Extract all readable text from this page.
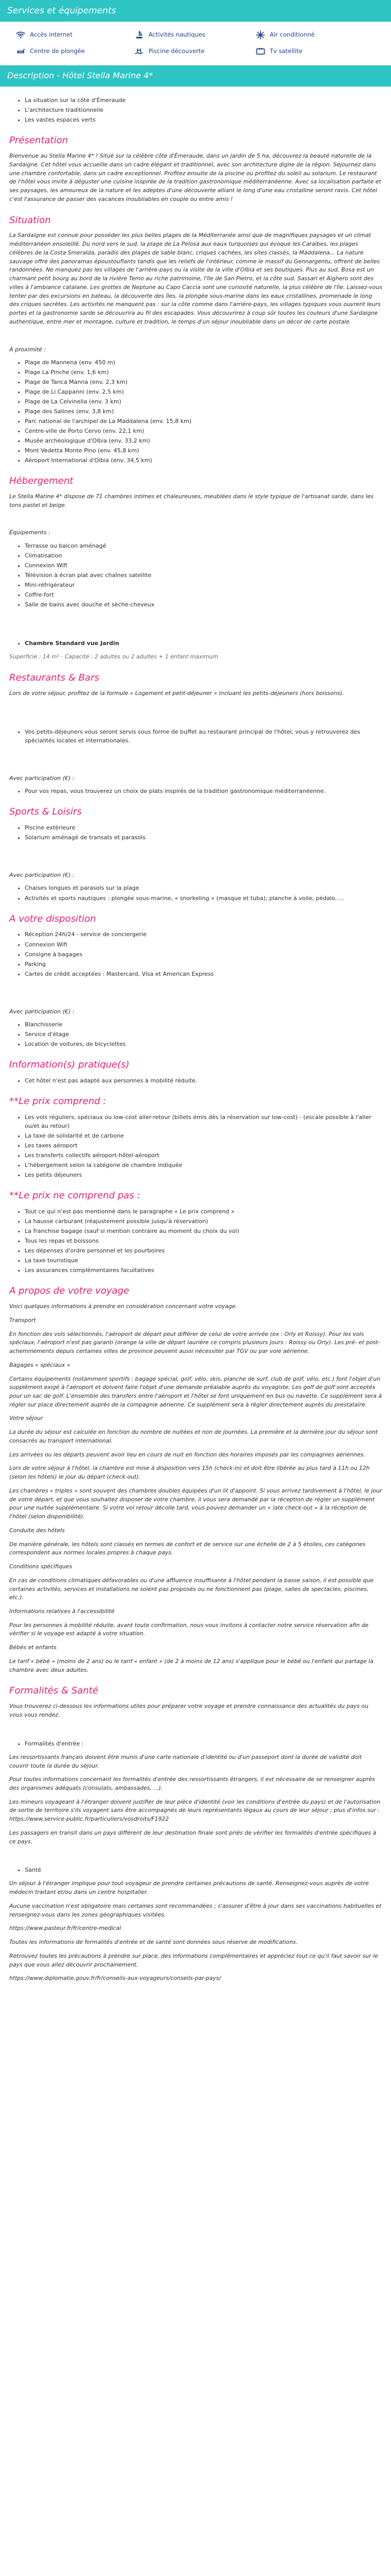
Services et équipements
Accès internet	Activités nautiques	Air conditionné
Centre de plongée	Piscine découverte	Tv satellite
Description - Hôtel Stella Marine 4*
• La situation sur la côte d'Émeraude
• L'architecture traditionnelle
• Les vastes espaces verts
Présentation

Bienvenue au Stella Marine 4* ! Situé sur la célèbre côte d'Émeraude, dans un jardin de 5 ha, découvrez la beauté naturelle de la Sardaigne. Cet hôtel vous accueille dans un cadre élégant et traditionnel, avec son architecture digne de la région. Séjournez dans une chambre confortable, dans un cadre exceptionnel. Profitez ensuite de la piscine ou profitez du soleil au solarium. Le restaurant de l'hôtel vous invite à déguster une cuisine inspirée de la tradition gastronomique méditerranéenne. Avec sa localisation parfaite et ses paysages, les amoureux de la nature et les adeptes d'une découverte alliant le long d'une eau cristalline seront ravis. Cet hôtel c'est l'assurance de passer des vacances inoubliables en couple ou entre amis !

Situation

La Sardaigne est connue pour posséder les plus belles plages de la Méditerranée ainsi que de magnifiques paysages et un climat méditerranéen ensoleillé. Du nord vers le sud, la plage de La Pelosa aux eaux turquoises qui évoque les Caraïbes, les plages célèbres de la Costa Smeralda, paradis des plages de sable blanc, criques cachées, les sites classés, la Maddalena... La nature sauvage offre des panoramas époustouflants tandis que les reliefs de l'intérieur, comme le massif du Gennargentu, offrent de belles randonnées. Ne manquez pas les villages de l'arrière-pays ou la visite de la ville d'Olbia et ses boutiques. Plus au sud, Bosa est un charmant petit bourg au bord de la rivière Temo au riche patrimoine, l'île de San Pietro, et la côte sud. Sassari et Alghero sont des villes à l'ambiance catalane. Les grottes de Neptune au Capo Caccia sont une curiosité naturelle, la plus célèbre de l'île. Laissez-vous tenter par des excursions en bateau, la découverte des îles, la plongée sous-marine dans les eaux cristallines, promenade le long des criques secrètes. Les activités ne manquent pas : sur la côte comme dans l'arrière-pays, les villages typiques vous ouvrent leurs portes et la gastronomie sarde se découvrira au fil des escapades. Vous découvrirez à coup sûr toutes les couleurs d'une Sardaigne authentique, entre mer et montagne, culture et tradition, le temps d'un séjour inoubliable dans un décor de carte postale.

À proximité :
• Plage de Mannena (env. 450 m)
• Plage La Pinche (env. 1,6 km)
• Plage de Tanca Manna (env. 2,3 km)
• Plage de Li Cappanni (env. 2,5 km)
• Plage de La Celvinella (env. 3 km)
• Plage des Salines (env. 3,8 km)
• Parc national de l'archipel de La Maddalena (env. 15,8 km)
• Centre-ville de Porto Cervo (env. 22,1 km)
• Musée archéologique d'Olbia (env. 33,2 km)
• Mont Vedetta Monte Pino (env. 45,8 km)
• Aéroport International d'Olbia (env. 34,5 km)
Hébergement

Le Stella Marine 4* dispose de 71 chambres intimes et chaleureuses, meublées dans le style typique de l'artisanat sarde, dans les tons pastel et beige.

Équipements :
• Terrasse ou balcon aménagé
• Climatisation
• Connexion Wifi
• Télévision à écran plat avec chaînes satellite
• Mini-réfrigérateur
• Coffre-fort
• Salle de bains avec douche et sèche-cheveux
• Chambre Standard vue Jardin

Superficie : 14 m² - Capacité : 2 adultes ou 2 adultes + 1 enfant maximum

Restaurants & Bars

Lors de votre séjour, profitez de la formule « Logement et petit-déjeuner » incluant les petits-déjeuners (hors boissons).

• Vos petits-déjeuners vous seront servis sous forme de buffet au restaurant principal de l'hôtel, vous y retrouverez des spécialités locales et internationales.
Avec participation (€) :
• Pour vos repas, vous trouverez un choix de plats inspirés de la tradition gastronomique méditerranéenne.
Sports & Loisirs
• Piscine extérieure
• Solarium aménagé de transats et parasols
Avec participation (€) :
• Chaises longues et parasols sur la plage
• Activités et sports nautiques : plongée sous-marine, « snorkeling » (masque et tuba), planche à voile, pédalo, ...
A votre disposition
• Réception 24h/24 - service de conciergerie
• Connexion Wifi
• Consigne à bagages
• Parking
• Cartes de crédit acceptées : Mastercard, Visa et American Express
Avec participation (€) :
• Blanchisserie
• Service d'étage
• Location de voitures, de bicyclettes
Information(s) pratique(s)
• Cet hôtel n'est pas adapté aux personnes à mobilité réduite.
**Le prix comprend :
• Les vols réguliers, spéciaux ou low-cost aller-retour (billets émis dès la réservation sur low-cost) - (escale possible à l'aller ou/et au retour)
• La taxe de solidarité et de carbone
• Les taxes aéroport
• Les transferts collectifs aéroport-hôtel-aéroport
• L'hébergement selon la catégorie de chambre indiquée
• Les petits déjeuners
**Le prix ne comprend pas :
• Tout ce qui n'est pas mentionné dans le paragraphe « Le prix comprend »
• La hausse carburant (réajustement possible jusqu'à réservation)
• La franchise bagage (sauf si mention contraire au moment du choix du vol)
• Tous les repas et boissons
• Les dépenses d'ordre personnel et les pourboires
• La taxe touristique
• Les assurances complémentaires facultatives
A propos de votre voyage

Voici quelques informations à prendre en considération concernant votre voyage.

Transport

En fonction des vols sélectionnés, l'aéroport de départ peut différer de celui de votre arrivée (ex : Orly et Roissy). Pour les vols spéciaux, l'aéroport n'est pas garanti (orange la ville de départ laurière ce compris plusieurs jours : Roissy ou Orly). Les pré- et post- acheminements depuis certaines villes de province peuvent aussi nécessiter par TGV ou par voie aérienne.

Bagages « spéciaux »

Certains équipements (notamment sportifs : bagage spécial, golf, vélo, skis, planche de surf, club de golf, vélo, etc.) font l'objet d'un supplément exigé à l'aéroport et doivent faire l'objet d'une demande préalable auprès du voyagiste. Les golf de golf sont acceptés pour un sac de golf. L'ensemble des transfers entre l'aéroport et l'hôtel se font uniquement en bus ou navette. Ce supplément sera à régler sur place directement auprès de la compagnie aérienne. Ce supplément sera à régler directement auprès du prestataire.

Votre séjour

La durée du séjour est calculée en fonction du nombre de nuitées et non de journées. La première et la dernière jour du séjour sont consacrés au transport international.

Les arrivées ou les départs peuvent avoir lieu en cours de nuit en fonction des horaires imposés par les compagnies aériennes.

Lors de votre séjour à l'hôtel, la chambre est mise à disposition vers 15h (check-in) et doit être libérée au plus tard à 11h ou 12h (selon les hôtels) le jour du départ (check-out).

Les chambres « triples » sont souvent des chambres doubles équipées d'un lit d'appoint. Si vous arrivez tardivement à l'hôtel, le jour de votre départ, et que vous souhaitez disposer de votre chambre, il vous sera demandé par la réception de régler un supplément pour une nuitée supplémentaire. Si votre vol retour décolle tard, vous pouvez demander un « late check-out » à la réception de l'hôtel (selon disponibilité).

Conduite des hôtels

De manière générale, les hôtels sont classés en termes de confort et de service sur une échelle de 2 à 5 étoiles, ces catégories correspondent aux normes locales propres à chaque pays.

Conditions spécifiques

En cas de conditions climatiques défavorables ou d'une affluence insuffisante à l'hôtel pendant la basse saison, il est possible que certaines activités, services et installations ne soient pas proposés ou ne fonctionnent pas (plage, salles de spectacles, piscines, etc.).

Informations relatives à l'accessibilité

Pour les personnes à mobilité réduite, avant toute confirmation, nous vous invitons à contacter notre service réservation afin de vérifier si le voyage est adapté à votre situation.

Bébés et enfants

Le tarif « bébé » (moins de 2 ans) ou le tarif « enfant » (de 2 à moins de 12 ans) s'applique pour le bébé ou l'enfant qui partage la chambre avec deux adultes.

Formalités & Santé

Vous trouverez ci-dessous les informations utiles pour préparer votre voyage et prendre connaissance des actualités du pays ou vous vous rendez.

• Formalités d'entrée :

Les ressortissants français doivent être munis d'une carte nationale d'identité ou d'un passeport dont la durée de validité doit couvrir toute la durée du séjour.

Pour toutes informations concernant les formalités d'entrée des ressortissants étrangers, il est nécessaire de se renseigner auprès des organismes adéquats (consulats, ambassades, ...).

Les mineurs voyageant à l'étranger doivent justifier de leur pièce d'identité (voir les conditions d'entrée du pays) et de l'autorisation de sortie de territoire s'ils voyagent sans être accompagnés de leurs représentants légaux au cours de leur séjour ; plus d'infos sur : https://www.service-public.fr/particuliers/vosdroits/F1922

Les passagers en transit dans un pays différent de leur destination finale sont priés de vérifier les formalités d'entrée spécifiques à ce pays.

• Santé

Un séjour à l'étranger implique pour tout voyageur de prendre certaines précautions de santé. Renseignez-vous auprès de votre médecin traitant et/ou dans un centre hospitalier.

Aucune vaccination n'est obligatoire mais certaines sont recommandées ; s'assurer d'être à jour dans ses vaccinations habituelles et renseignez-vous dans les zones géographiques visitées.

https://www.pasteur.fr/fr/centre-medical

Toutes les informations de formalités d'entrée et de santé sont données sous réserve de modifications.

Retrouvez toutes les précautions à prendre sur place, des informations complémentaires et appréciez tout ce qu'il faut savoir sur le pays que vous allez découvrir prochainement.

https://www.diplomatie.gouv.fr/fr/conseils-aux-voyageurs/conseils-par-pays/
